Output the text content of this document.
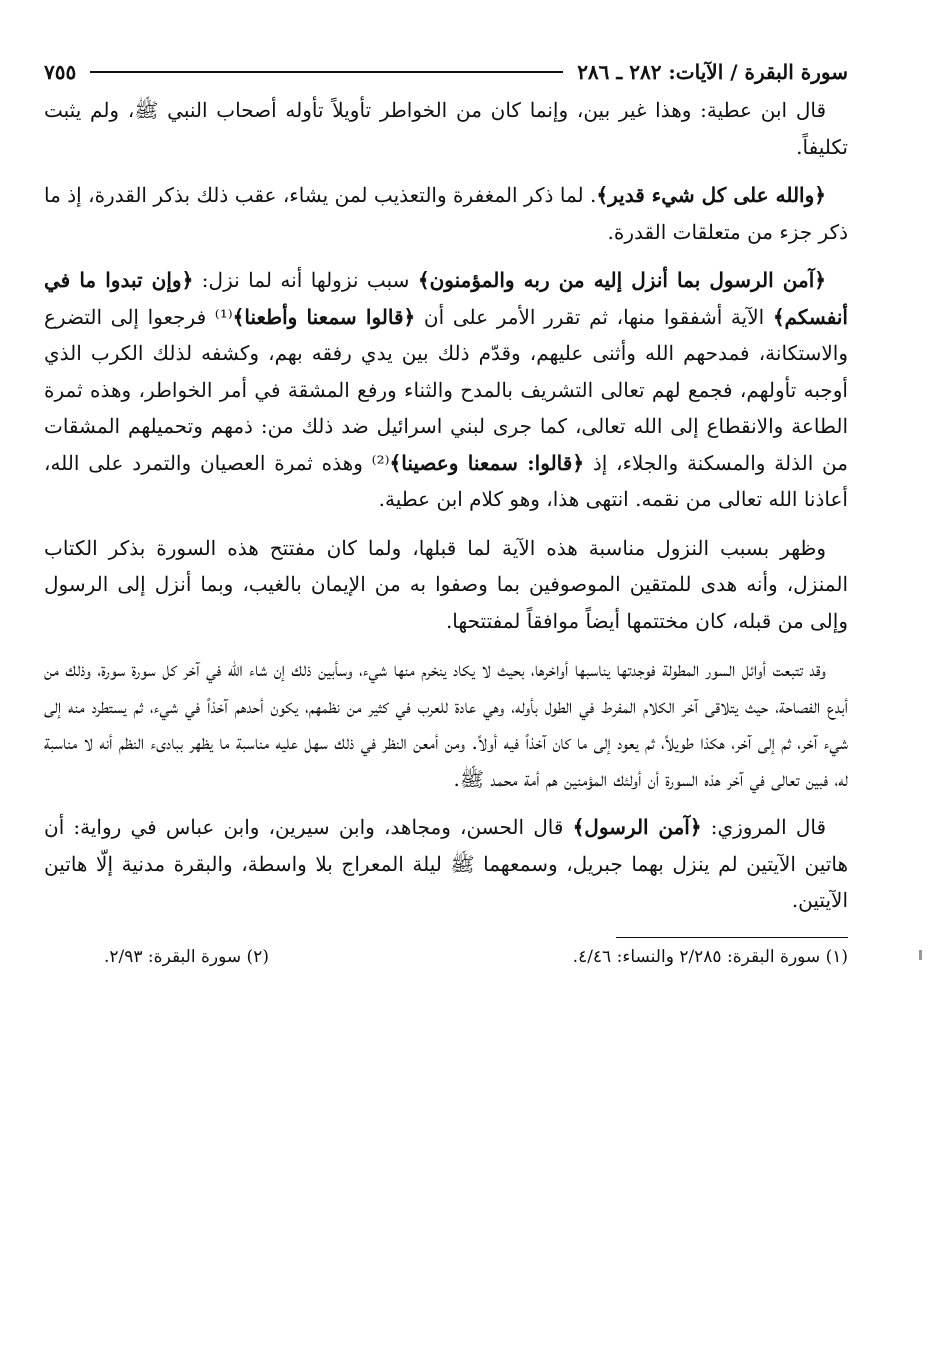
سورة البقرة / الآيات: ٢٨٢ ـ ٢٨٦
٧٥٥

قال ابن عطية: وهذا غير بين، وإنما كان من الخواطر تأويلاً تأوله أصحاب النبي ﷺ، ولم يثبت تكليفاً.

﴿والله على كل شيء قدير﴾. لما ذكر المغفرة والتعذيب لمن يشاء، عقب ذلك بذكر القدرة، إذ ما ذكر جزء من متعلقات القدرة.

﴿آمن الرسول بما أنزل إليه من ربه والمؤمنون﴾ سبب نزولها أنه لما نزل: ﴿وإن تبدوا ما في أنفسكم﴾ الآية أشفقوا منها، ثم تقرر الأمر على أن ﴿قالوا سمعنا وأطعنا﴾⁽¹⁾ فرجعوا إلى التضرع والاستكانة، فمدحهم الله وأثنى عليهم، وقدّم ذلك بين يدي رفقه بهم، وكشفه لذلك الكرب الذي أوجبه تأولهم، فجمع لهم تعالى التشريف بالمدح والثناء ورفع المشقة في أمر الخواطر، وهذه ثمرة الطاعة والانقطاع إلى الله تعالى، كما جرى لبني اسرائيل ضد ذلك من: ذمهم وتحميلهم المشقات من الذلة والمسكنة والجلاء، إذ ﴿قالوا: سمعنا وعصينا﴾⁽²⁾ وهذه ثمرة العصيان والتمرد على الله، أعاذنا الله تعالى من نقمه. انتهى هذا، وهو كلام ابن عطية.

وظهر بسبب النزول مناسبة هذه الآية لما قبلها، ولما كان مفتتح هذه السورة بذكر الكتاب المنزل، وأنه هدى للمتقين الموصوفين بما وصفوا به من الإيمان بالغيب، وبما أنزل إلى الرسول وإلى من قبله، كان مختتمها أيضاً موافقاً لمفتتحها.

وقد تتبعت أوائل السور المطولة فوجدتها يناسبها أواخرها، بحيث لا يكاد ينخرم منها شيء، وسأبين ذلك إن شاء الله في آخر كل سورة سورة، وذلك من أبدع الفصاحة، حيث يتلاقى آخر الكلام المفرط في الطول بأوله، وهي عادة للعرب في كثير من نظمهم، يكون أحدهم آخذاً في شيء، ثم يستطرد منه إلى شيء آخر، ثم إلى آخر، هكذا طويلاً، ثم يعود إلى ما كان آخذاً فيه أولاً. ومن أمعن النظر في ذلك سهل عليه مناسبة ما يظهر ببادىء النظم أنه لا مناسبة له، فبين تعالى في آخر هذه السورة أن أولئك المؤمنين هم أمة محمد ﷺ.

قال المروزي: ﴿آمن الرسول﴾ قال الحسن، ومجاهد، وابن سيرين، وابن عباس في رواية: أن هاتين الآيتين لم ينزل بهما جبريل، وسمعهما ﷺ ليلة المعراج بلا واسطة، والبقرة مدنية إلّا هاتين الآيتين.

(١) سورة البقرة: ٢/٢٨٥ والنساء: ٤/٤٦.
(٢) سورة البقرة: ٢/٩٣.
